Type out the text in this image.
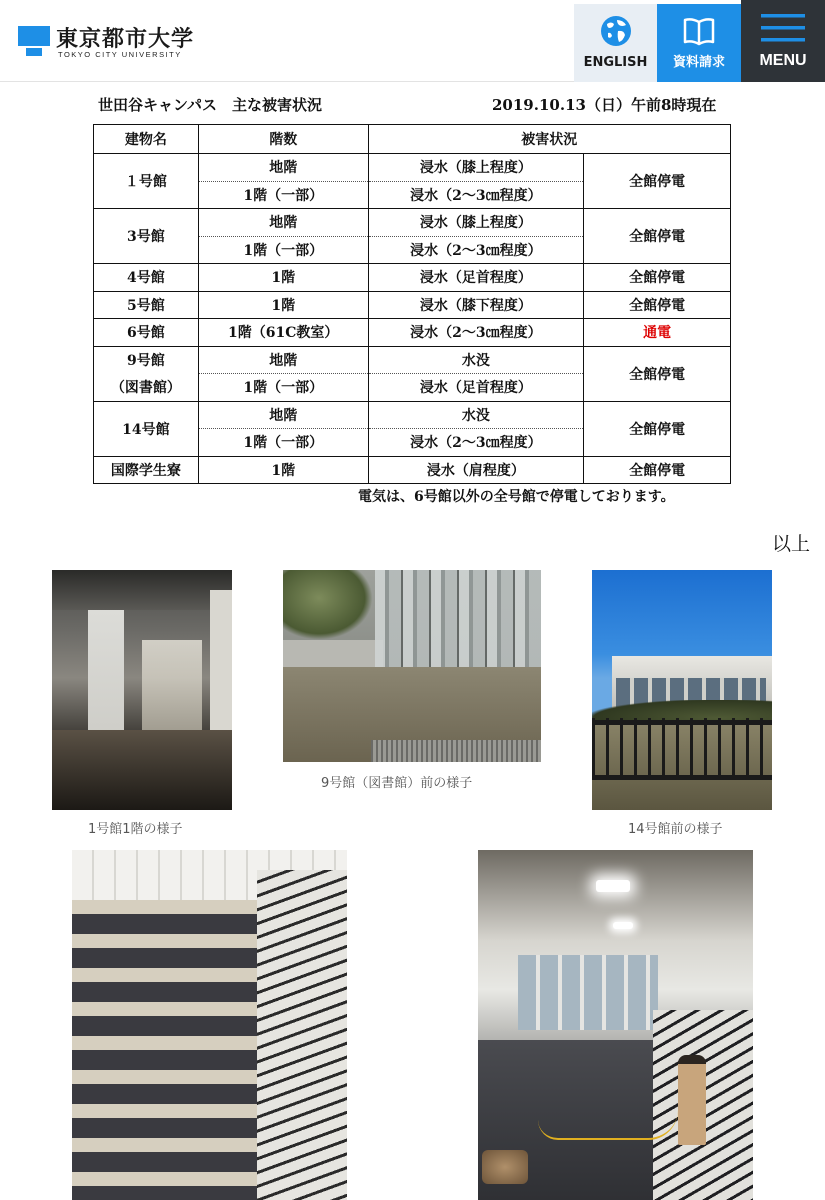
東京都市大学
TOKYO CITY UNIVERSITY
ENGLISH	資料請求	MENU
世田谷キャンパス　主な被害状況	2019.10.13（日）午前8時現在
建物名	階数	被害状況	
１号館	地階	浸水（膝上程度）	全館停電
	1階（一部）	浸水（2～3㎝程度）	
3号館	地階	浸水（膝上程度）	全館停電
	1階（一部）	浸水（2～3㎝程度）	
4号館	1階	浸水（足首程度）	全館停電
5号館	1階	浸水（膝下程度）	全館停電
6号館	1階（61C教室）	浸水（2～3㎝程度）	通電
9号館	地階	水没	全館停電
（図書館）	1階（一部）	浸水（足首程度）	
14号館	地階	水没	全館停電
	1階（一部）	浸水（2～3㎝程度）	
国際学生寮	1階	浸水（肩程度）	全館停電
電気は、6号館以外の全号館で停電しております。
以上
1号館1階の様子
9号館（図書館）前の様子
14号館前の様子
